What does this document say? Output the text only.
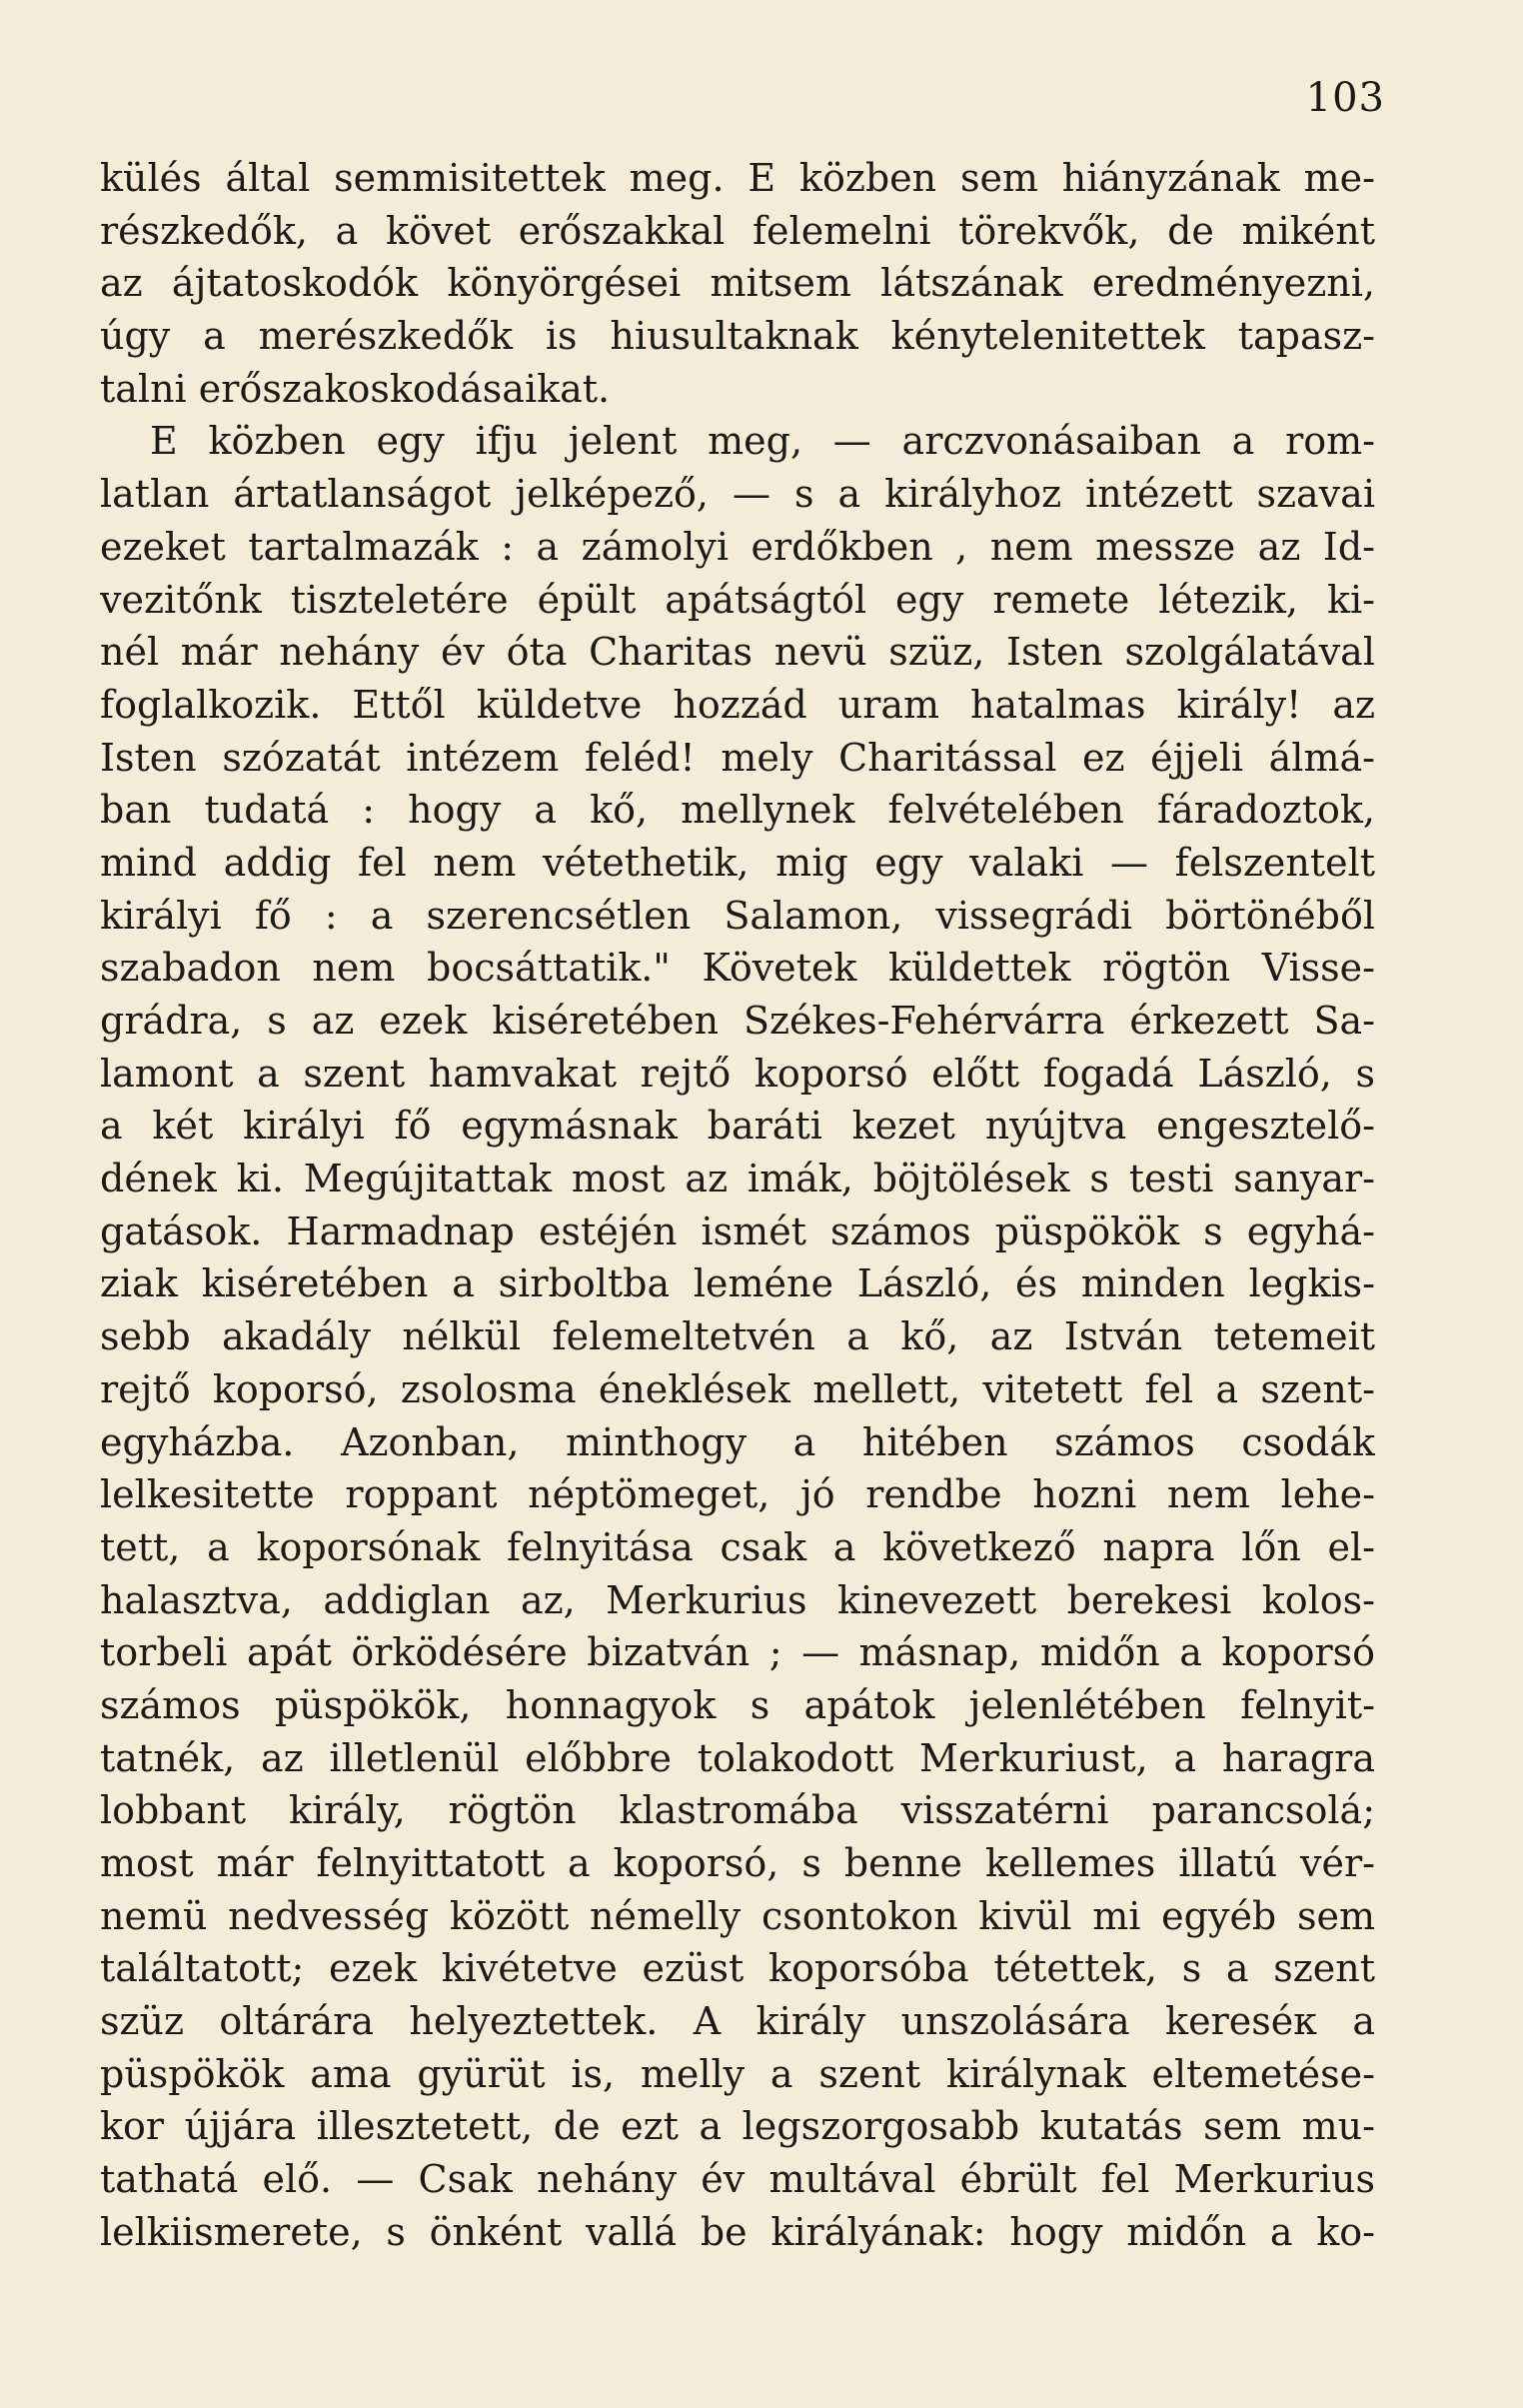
103
külés által semmisitettek meg. E közben sem hiányzának me-
részkedők, a követ erőszakkal felemelni törekvők, de miként
az ájtatoskodók könyörgései mitsem látszának eredményezni,
úgy a merészkedők is hiusultaknak kénytelenitettek tapasz-
talni erőszakoskodásaikat.
E közben egy ifju jelent meg, — arczvonásaiban a rom-
latlan ártatlanságot jelképező, — s a királyhoz intézett szavai
ezeket tartalmazák : a zámolyi erdőkben , nem messze az Id-
vezitőnk tiszteletére épült apátságtól egy remete létezik, ki-
nél már nehány év óta Charitas nevü szüz, Isten szolgálatával
foglalkozik. Ettől küldetve hozzád uram hatalmas király! az
Isten szózatát intézem feléd! mely Charitással ez éjjeli álmá-
ban tudatá : hogy a kő, mellynek felvételében fáradoztok,
mind addig fel nem vétethetik, mig egy valaki — felszentelt
királyi fő : a szerencsétlen Salamon, vissegrádi börtönéből
szabadon nem bocsáttatik." Követek küldettek rögtön Visse-
grádra, s az ezek kiséretében Székes-Fehérvárra érkezett Sa-
lamont a szent hamvakat rejtő koporsó előtt fogadá László, s
a két királyi fő egymásnak baráti kezet nyújtva engesztelő-
dének ki. Megújitattak most az imák, böjtölések s testi sanyar-
gatások. Harmadnap estéjén ismét számos püspökök s egyhá-
ziak kiséretében a sirboltba leméne László, és minden legkis-
sebb akadály nélkül felemeltetvén a kő, az István tetemeit
rejtő koporsó, zsolosma éneklések mellett, vitetett fel a szent-
egyházba. Azonban, minthogy a hitében számos csodák
lelkesitette roppant néptömeget, jó rendbe hozni nem lehe-
tett, a koporsónak felnyitása csak a következő napra lőn el-
halasztva, addiglan az, Merkurius kinevezett berekesi kolos-
torbeli apát örködésére bizatván ; — másnap, midőn a koporsó
számos püspökök, honnagyok s apátok jelenlétében felnyit-
tatnék, az illetlenül előbbre tolakodott Merkuriust, a haragra
lobbant király, rögtön klastromába visszatérni parancsolá;
most már felnyittatott a koporsó, s benne kellemes illatú vér-
nemü nedvesség között némelly csontokon kivül mi egyéb sem
találtatott; ezek kivétetve ezüst koporsóba tétettek, s a szent
szüz oltárára helyeztettek. A király unszolására kereséк a
püspökök ama gyürüt is, melly a szent királynak eltemetése-
kor újjára illesztetett, de ezt a legszorgosabb kutatás sem mu-
tathatá elő. — Csak nehány év multával ébrült fel Merkurius
lelkiismerete, s önként vallá be királyának: hogy midőn a ko-
